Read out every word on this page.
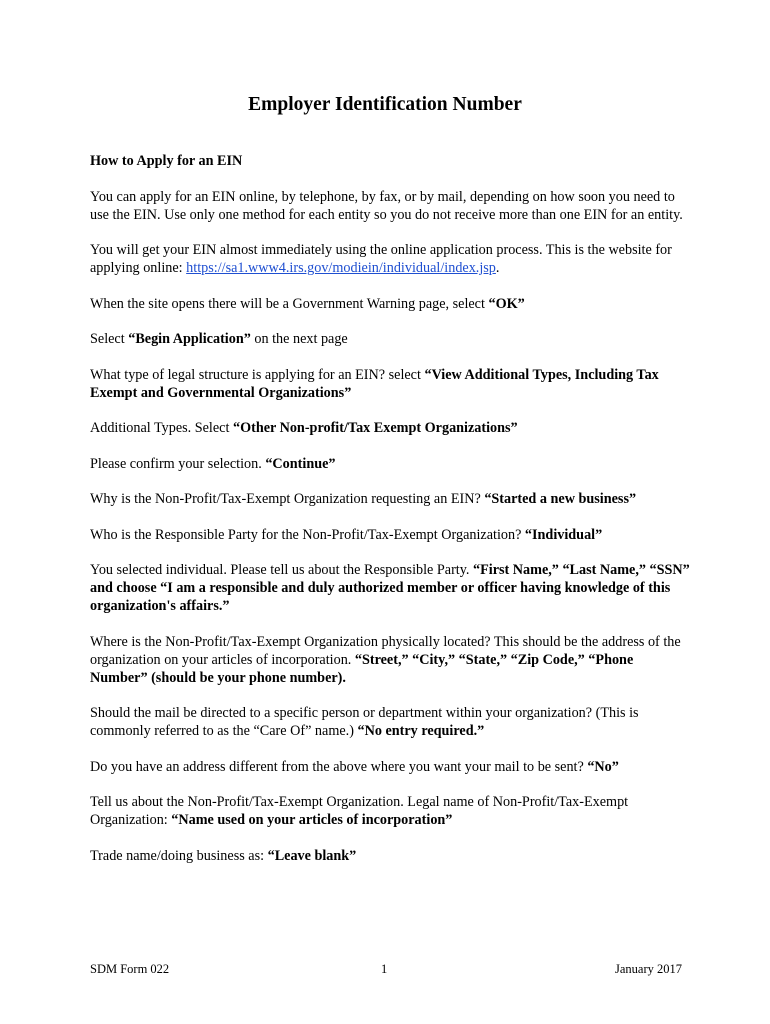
Employer Identification Number

How to Apply for an EIN

You can apply for an EIN online, by telephone, by fax, or by mail, depending on how soon you need to use the EIN. Use only one method for each entity so you do not receive more than one EIN for an entity.

You will get your EIN almost immediately using the online application process. This is the website for applying online: https://sa1.www4.irs.gov/modiein/individual/index.jsp.

When the site opens there will be a Government Warning page, select “OK”

Select “Begin Application” on the next page

What type of legal structure is applying for an EIN? select “View Additional Types, Including Tax Exempt and Governmental Organizations”

Additional Types. Select “Other Non-profit/Tax Exempt Organizations”

Please confirm your selection. “Continue”

Why is the Non-Profit/Tax-Exempt Organization requesting an EIN? “Started a new business”

Who is the Responsible Party for the Non-Profit/Tax-Exempt Organization? “Individual”

You selected individual. Please tell us about the Responsible Party. “First Name,” “Last Name,” “SSN” and choose “I am a responsible and duly authorized member or officer having knowledge of this organization's affairs.”

Where is the Non-Profit/Tax-Exempt Organization physically located? This should be the address of the organization on your articles of incorporation. “Street,” “City,” “State,” “Zip Code,” “Phone Number” (should be your phone number).

Should the mail be directed to a specific person or department within your organization? (This is commonly referred to as the “Care Of” name.) “No entry required.”

Do you have an address different from the above where you want your mail to be sent? “No”

Tell us about the Non-Profit/Tax-Exempt Organization. Legal name of Non-Profit/Tax-Exempt Organization: “Name used on your articles of incorporation”

Trade name/doing business as: “Leave blank”

SDM Form 022	1	January 2017
